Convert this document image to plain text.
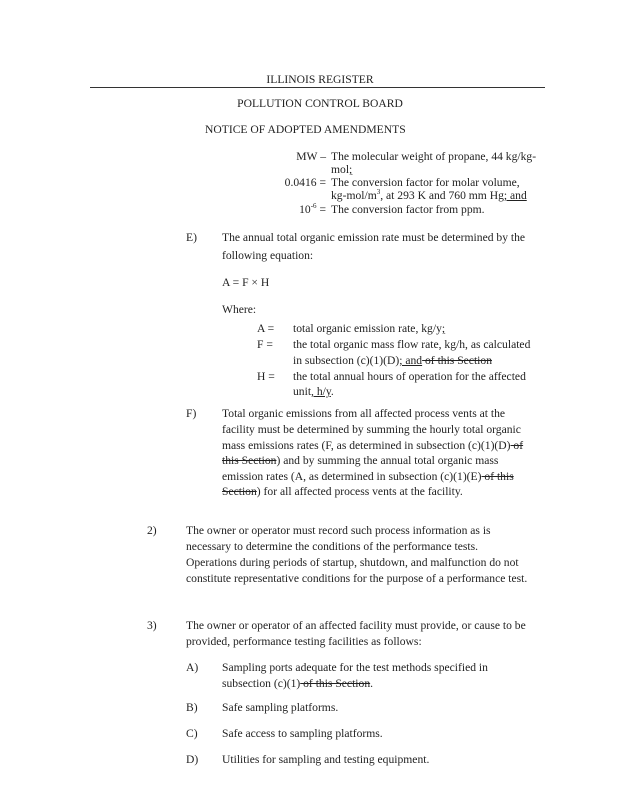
ILLINOIS REGISTER
POLLUTION CONTROL BOARD
NOTICE OF ADOPTED AMENDMENTS
MW – The molecular weight of propane, 44 kg/kg-
mol;
0.0416 = The conversion factor for molar volume,
$kg-mol/m^3$, at 293 K and 760 mm Hg; and
$10^{-6}$ = The conversion factor from ppm.
E) The annual total organic emission rate must be determined by the
following equation:
A = F × H
Where:
A = total organic emission rate, kg/y;
F = the total organic mass flow rate, kg/h, as calculated
in subsection (c)(1)(D); and of this Section
H = the total annual hours of operation for the affected
unit, h/y.
F) Total organic emissions from all affected process vents at the
facility must be determined by summing the hourly total organic
mass emissions rates (F, as determined in subsection (c)(1)(D) of
this Section) and by summing the annual total organic mass
emission rates (A, as determined in subsection (c)(1)(E) of this
Section) for all affected process vents at the facility.
2)	The owner or operator must record such process information as is
necessary to determine the conditions of the performance tests.
Operations during periods of startup, shutdown, and malfunction do not
constitute representative conditions for the purpose of a performance test.
3)	The owner or operator of an affected facility must provide, or cause to be
provided, performance testing facilities as follows:
A) Sampling ports adequate for the test methods specified in
subsection (c)(1) of this Section.
B) Safe sampling platforms.
C) Safe access to sampling platforms.
D) Utilities for sampling and testing equipment.
